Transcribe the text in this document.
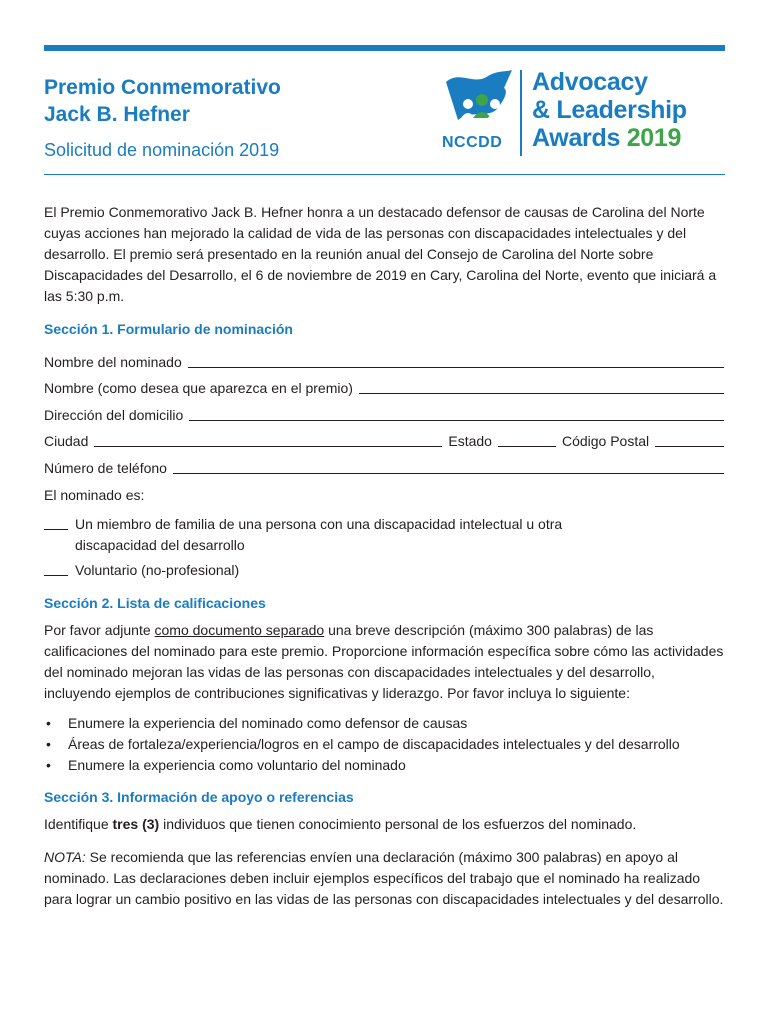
Premio Conmemorativo
Jack B. Hefner
Solicitud de nominación 2019	NCCDD
Advocacy
& Leadership
Awards 2019

El Premio Conmemorativo Jack B. Hefner honra a un destacado defensor de causas de Carolina del Norte cuyas acciones han mejorado la calidad de vida de las personas con discapacidades intelectuales y del desarrollo. El premio será presentado en la reunión anual del Consejo de Carolina del Norte sobre Discapacidades del Desarrollo, el 6 de noviembre de 2019 en Cary, Carolina del Norte, evento que iniciará a las 5:30 p.m.

Sección 1. Formulario de nominación
Nombre del nominado
Nombre (como desea que aparezca en el premio)
Dirección del domicilio
Ciudad	Estado	Código Postal
Número de teléfono
El nominado es:
Un miembro de familia de una persona con una discapacidad intelectual u otra discapacidad del desarrollo
Voluntario (no-profesional)
Sección 2. Lista de calificaciones

Por favor adjunte como documento separado una breve descripción (máximo 300 palabras) de las calificaciones del nominado para este premio. Proporcione información específica sobre cómo las actividades del nominado mejoran las vidas de las personas con discapacidades intelectuales y del desarrollo, incluyendo ejemplos de contribuciones significativas y liderazgo. Por favor incluya lo siguiente:

• Enumere la experiencia del nominado como defensor de causas
• Áreas de fortaleza/experiencia/logros en el campo de discapacidades intelectuales y del desarrollo
• Enumere la experiencia como voluntario del nominado
Sección 3. Información de apoyo o referencias

Identifique tres (3) individuos que tienen conocimiento personal de los esfuerzos del nominado.

NOTA: Se recomienda que las referencias envíen una declaración (máximo 300 palabras) en apoyo al nominado. Las declaraciones deben incluir ejemplos específicos del trabajo que el nominado ha realizado para lograr un cambio positivo en las vidas de las personas con discapacidades intelectuales y del desarrollo.
